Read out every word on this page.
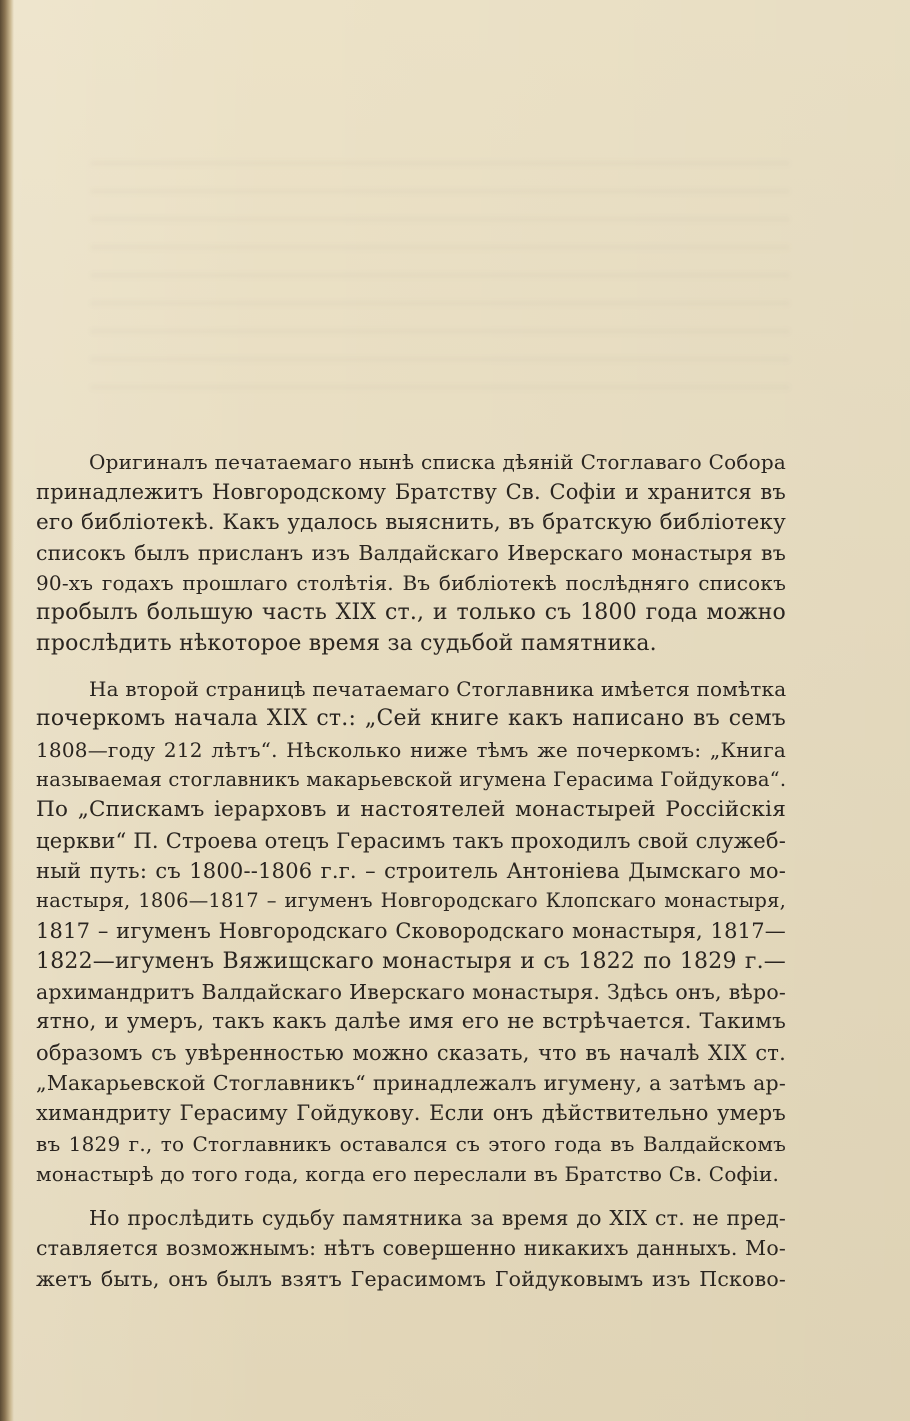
Оригиналъ печатаемаго нынѣ списка дѣяній Стоглаваго Собора
принадлежитъ Новгородскому Братству Св. Софіи и хранится въ
его библіотекѣ. Какъ удалось выяснить, въ братскую библіотеку
списокъ былъ присланъ изъ Валдайскаго Иверскаго монастыря въ
90-хъ годахъ прошлаго столѣтія. Въ библіотекѣ послѣдняго списокъ
пробылъ большую часть XIX ст., и только съ 1800 года можно
прослѣдить нѣкоторое время за судьбой памятника.
На второй страницѣ печатаемаго Стоглавника имѣется помѣтка
почеркомъ начала XIX ст.: „Сей книге какъ написано въ семъ
1808—году 212 лѣтъ“. Нѣсколько ниже тѣмъ же почеркомъ: „Книга
называемая стоглавникъ макарьевской игумена Герасима Гойдукова“.
По „Спискамъ іерарховъ и настоятелей монастырей Россійскія
церкви“ П. Строева отецъ Герасимъ такъ проходилъ свой служеб-
ный путь: съ 1800--1806 г.г. – строитель Антоніева Дымскаго мо-
настыря, 1806—1817 – игуменъ Новгородскаго Клопскаго монастыря,
1817 – игуменъ Новгородскаго Сковородскаго монастыря, 1817—
1822—игуменъ Вяжищскаго монастыря и съ 1822 по 1829 г.—
архимандритъ Валдайскаго Иверскаго монастыря. Здѣсь онъ, вѣро-
ятно, и умеръ, такъ какъ далѣе имя его не встрѣчается. Такимъ
образомъ съ увѣренностью можно сказать, что въ началѣ XIX ст.
„Макарьевской Стоглавникъ“ принадлежалъ игумену, а затѣмъ ар-
химандриту Герасиму Гойдукову. Если онъ дѣйствительно умеръ
въ 1829 г., то Стоглавникъ оставался съ этого года въ Валдайскомъ
монастырѣ до того года, когда его переслали въ Братство Св. Софіи.
Но прослѣдить судьбу памятника за время до XIX ст. не пред-
ставляется возможнымъ: нѣтъ совершенно никакихъ данныхъ. Мо-
жетъ быть, онъ былъ взятъ Герасимомъ Гойдуковымъ изъ Псково-
